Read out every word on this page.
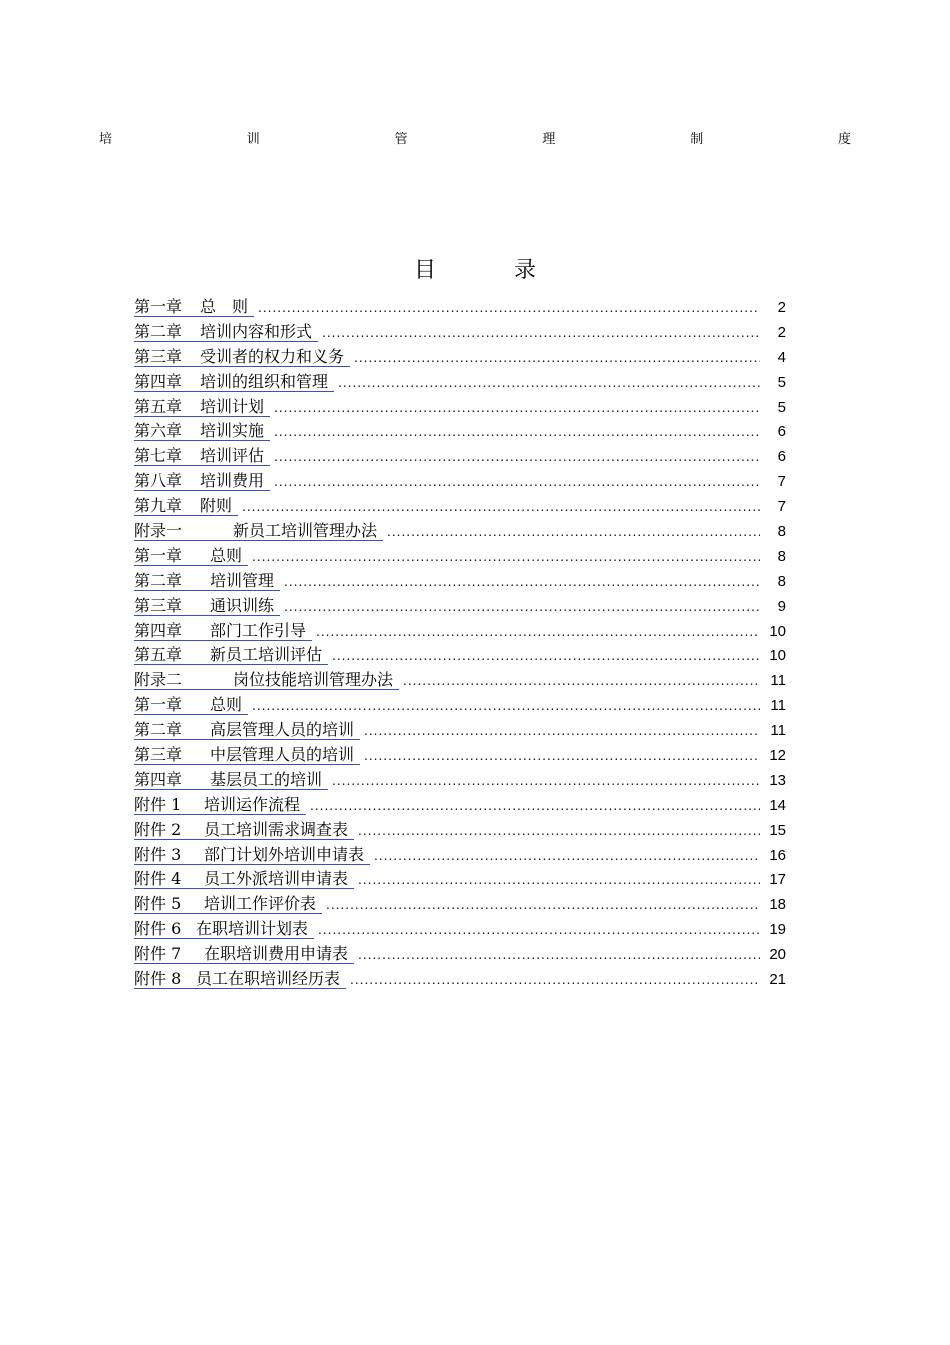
培	训	管	理	制	度
目　录
第一章	总　则 .....	2
第二章	培训内容和形式 .....	2
第三章	受训者的权力和义务 .....	4
第四章	培训的组织和管理 .....	5
第五章	培训计划 .....	5
第六章	培训实施 .....	6
第七章	培训评估 .....	6
第八章	培训费用 .....	7
第九章	附则 .....	7
附录一	新员工培训管理办法 .....	8
第一章	总则 .....	8
第二章	培训管理 .....	8
第三章	通识训练 .....	9
第四章	部门工作引导 .....	10
第五章	新员工培训评估 .....	10
附录二	岗位技能培训管理办法 .....	11
第一章	总则 .....	11
第二章	高层管理人员的培训 .....	11
第三章	中层管理人员的培训 .....	12
第四章	基层员工的培训 .....	13
附件 1	培训运作流程 .....	14
附件 2	员工培训需求调查表 .....	15
附件 3	部门计划外培训申请表 .....	16
附件 4	员工外派培训申请表 .....	17
附件 5	培训工作评价表 .....	18
附件 6 在职培训计划表 .....	19
附件 7	在职培训费用申请表 .....	20
附件 8 员工在职培训经历表 .....	21
